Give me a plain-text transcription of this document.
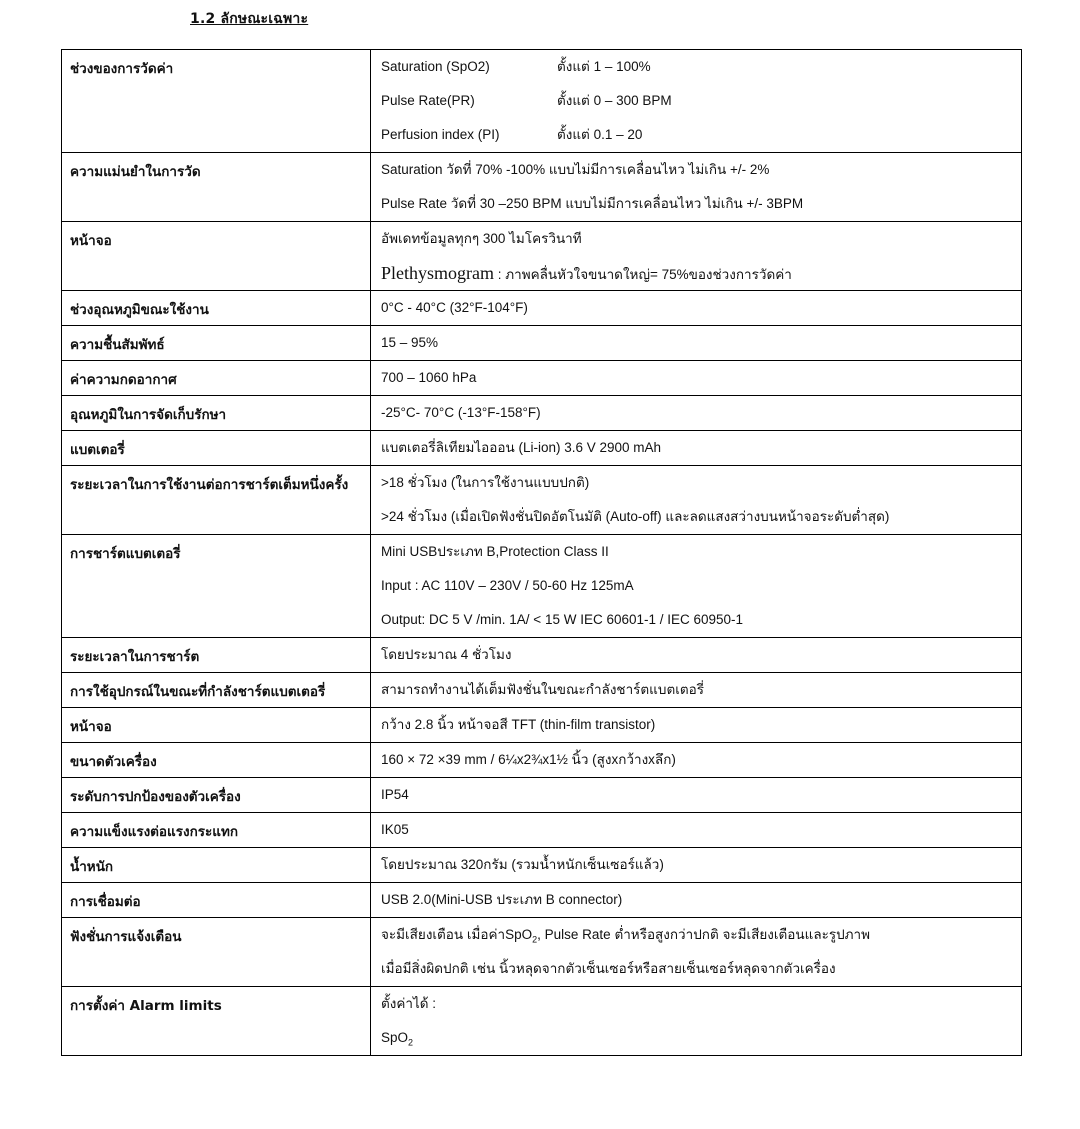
1.2 ลักษณะเฉพาะ
ช่วงของการวัดค่า	Saturation (SpO2) ตั้งแต่ 1 – 100%
Pulse Rate(PR) ตั้งแต่ 0 – 300 BPM
Perfusion index (PI) ตั้งแต่ 0.1 – 20

ความแม่นยำในการวัด	Saturation วัดที่ 70% -100% แบบไม่มีการเคลื่อนไหว ไม่เกิน +/- 2%
Pulse Rate วัดที่ 30 –250 BPM แบบไม่มีการเคลื่อนไหว ไม่เกิน +/- 3BPM

หน้าจอ	อัพเดทข้อมูลทุกๆ 300 ไมโครวินาที
Plethysmogram : ภาพคลื่นหัวใจขนาดใหญ่= 75%ของช่วงการวัดค่า

ช่วงอุณหภูมิขณะใช้งาน	0°C - 40°C (32°F-104°F)

ความชื้นสัมพัทธ์	15 – 95%

ค่าความกดอากาศ	700 – 1060 hPa

อุณหภูมิในการจัดเก็บรักษา	-25°C- 70°C (-13°F-158°F)

แบตเตอรี่	แบตเตอรี่ลิเทียมไอออน (Li-ion) 3.6 V 2900 mAh

ระยะเวลาในการใช้งานต่อการชาร์ตเต็มหนึ่งครั้ง	>18 ชั่วโมง (ในการใช้งานแบบปกติ)
>24 ชั่วโมง (เมื่อเปิดฟังชั่นปิดอัตโนมัติ (Auto-off) และลดแสงสว่างบนหน้าจอระดับต่ำสุด)

การชาร์ตแบตเตอรี่	Mini USBประเภท B,Protection Class II
Input : AC 110V – 230V / 50-60 Hz 125mA
Output: DC 5 V /min. 1A/ < 15 W IEC 60601-1 / IEC 60950-1

ระยะเวลาในการชาร์ต	โดยประมาณ 4 ชั่วโมง

การใช้อุปกรณ์ในขณะที่กำลังชาร์ตแบตเตอรี่	สามารถทำงานได้เต็มฟังชั่นในขณะกำลังชาร์ตแบตเตอรี่

หน้าจอ	กว้าง 2.8 นิ้ว หน้าจอสี TFT (thin-film transistor)

ขนาดตัวเครื่อง	160 × 72 ×39 mm / 6¼x2¾x1½ นิ้ว (สูงxกว้างxลึก)

ระดับการปกป้องของตัวเครื่อง	IP54

ความแข็งแรงต่อแรงกระแทก	IK05

น้ำหนัก	โดยประมาณ 320กรัม (รวมน้ำหนักเซ็นเซอร์แล้ว)

การเชื่อมต่อ	USB 2.0(Mini-USB ประเภท B connector)

ฟังชั่นการแจ้งเตือน	จะมีเสียงเตือน เมื่อค่าSpO$_2$, Pulse Rate ต่ำหรือสูงกว่าปกติ จะมีเสียงเตือนและรูปภาพ
เมื่อมีสิ่งผิดปกติ เช่น นิ้วหลุดจากตัวเซ็นเซอร์หรือสายเซ็นเซอร์หลุดจากตัวเครื่อง

การตั้งค่า Alarm limits	ตั้งค่าได้ :
SpO$_2$
